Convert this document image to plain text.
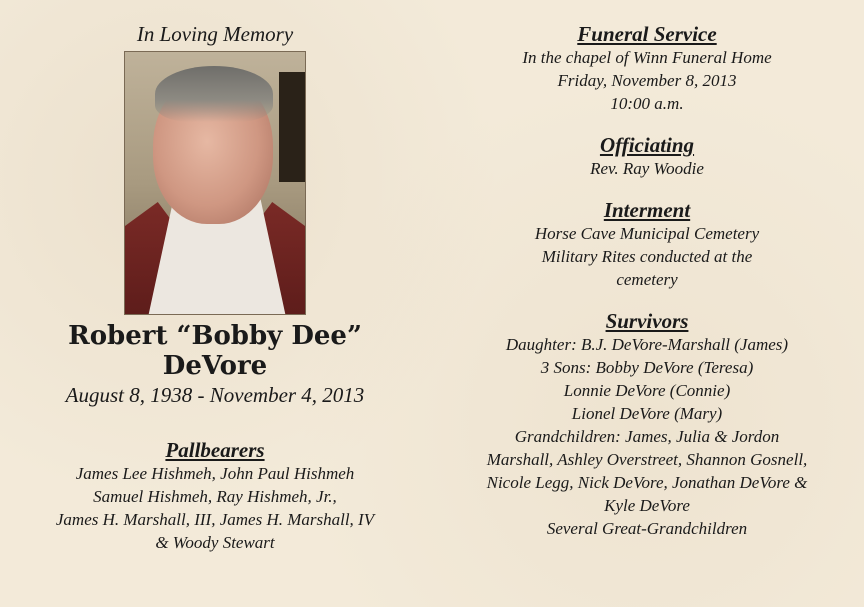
In Loving Memory

Robert “Bobby Dee” DeVore

August 8, 1938 - November 4, 2013

Pallbearers

James Lee Hishmeh, John Paul Hishmeh

Samuel Hishmeh, Ray Hishmeh, Jr.,

James H. Marshall, III, James H. Marshall, IV

& Woody Stewart

Funeral Service

In the chapel of Winn Funeral Home

Friday, November 8, 2013

10:00 a.m.

Officiating

Rev. Ray Woodie

Interment

Horse Cave Municipal Cemetery

Military Rites conducted at the

cemetery

Survivors

Daughter: B.J. DeVore-Marshall (James)

3 Sons: Bobby DeVore (Teresa)

Lonnie DeVore (Connie)

Lionel DeVore (Mary)

Grandchildren: James, Julia & Jordon

Marshall, Ashley Overstreet, Shannon Gosnell,

Nicole Legg, Nick DeVore, Jonathan DeVore &

Kyle DeVore

Several Great-Grandchildren
